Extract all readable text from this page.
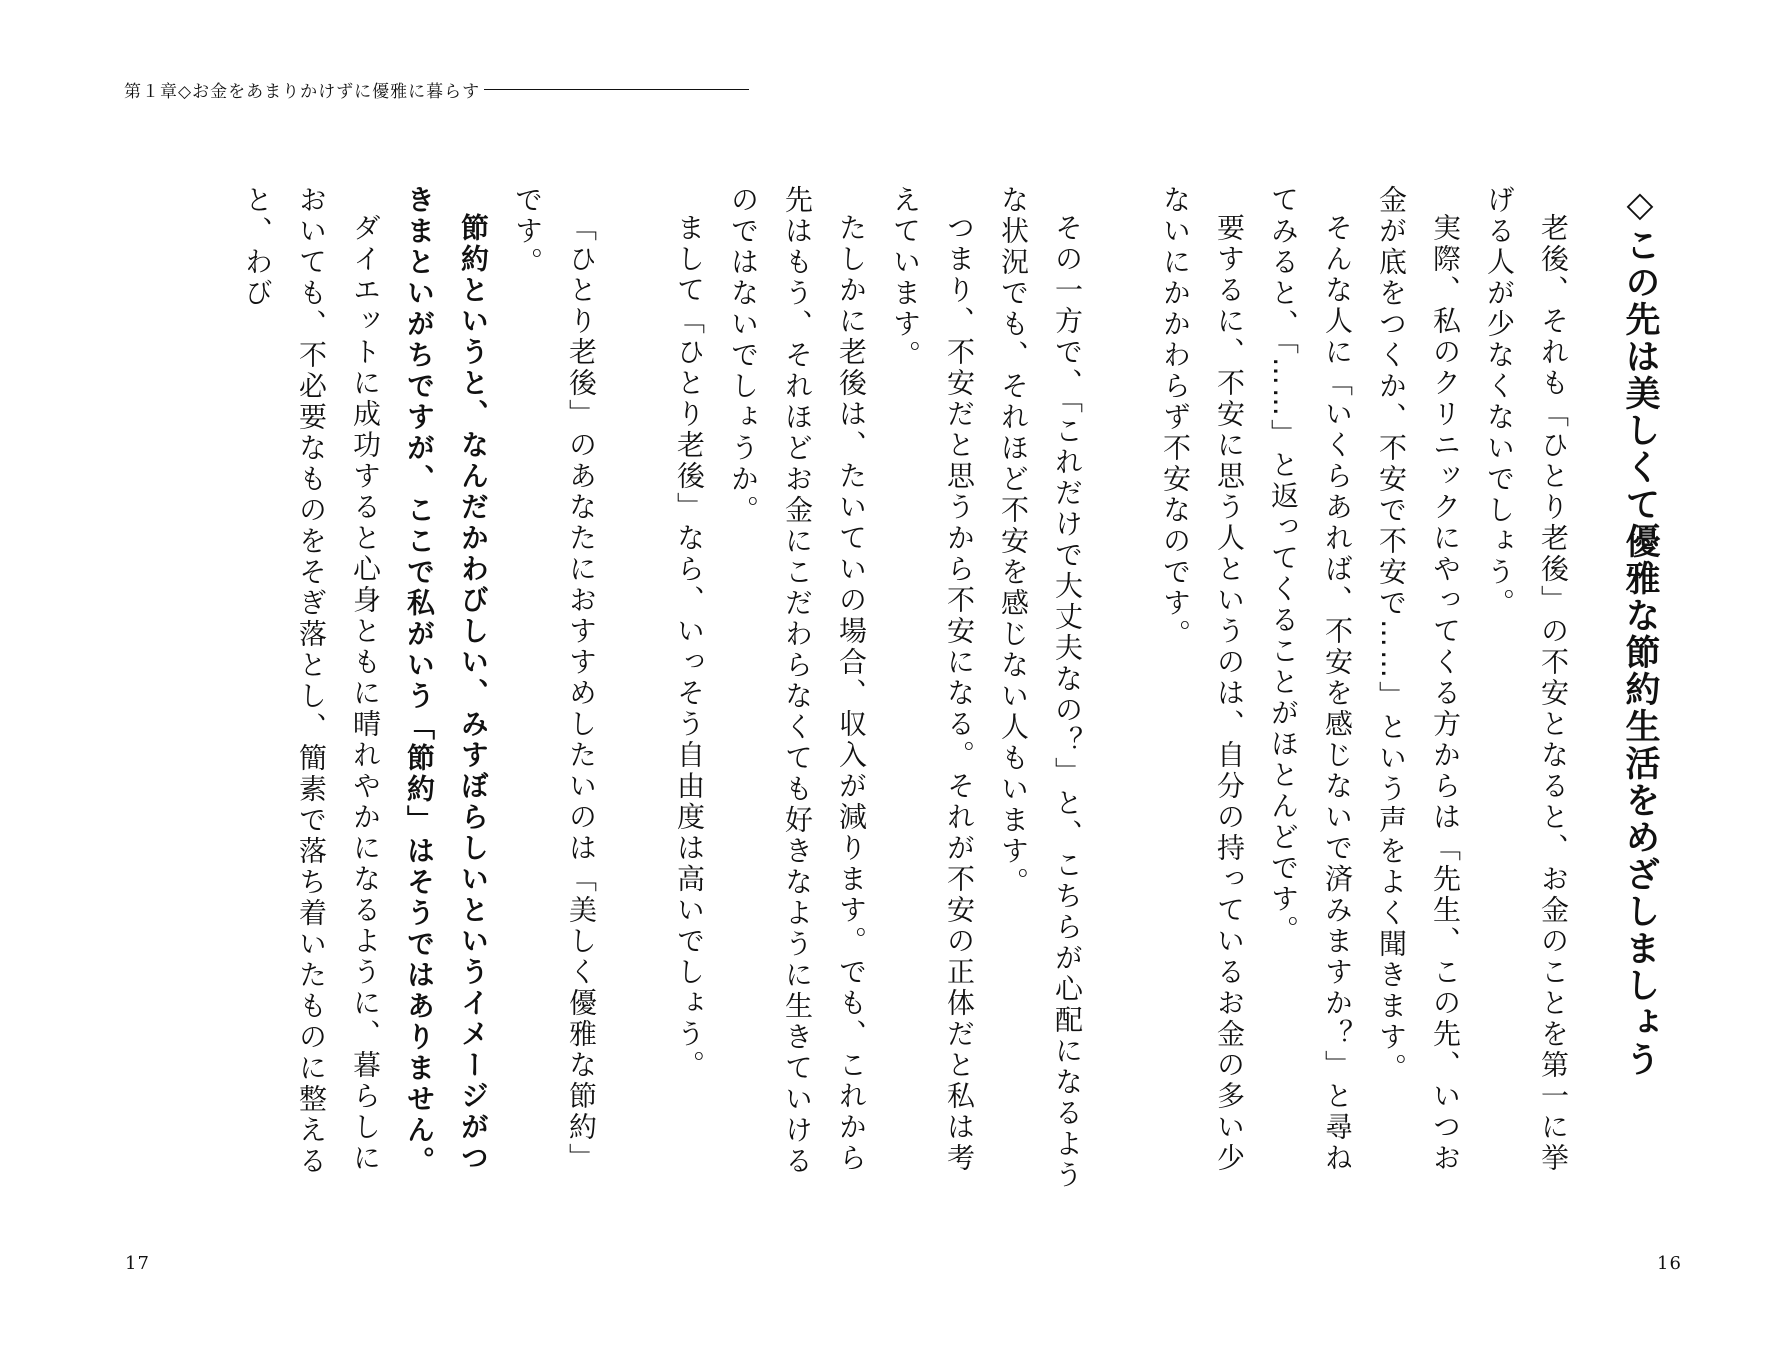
第１章◇お金をあまりかけずに優雅に暮らす
◇この先は美しくて優雅な節約生活をめざしましょう

老後、それも「ひとり老後」の不安となると、お金のことを第一に挙げる人が少なくないでしょう。

実際、私のクリニックにやってくる方からは「先生、この先、いつお金が底をつくか、不安で不安で……」という声をよく聞きます。

そんな人に「いくらあれば、不安を感じないで済みますか？」と尋ねてみると、「……」と返ってくることがほとんどです。

要するに、不安に思う人というのは、自分の持っているお金の多い少ないにかかわらず不安なのです。

その一方で、「これだけで大丈夫なの？」と、こちらが心配になるような状況でも、それほど不安を感じない人もいます。

つまり、不安だと思うから不安になる。それが不安の正体だと私は考えています。

たしかに老後は、たいていの場合、収入が減ります。でも、これから先はもう、それほどお金にこだわらなくても好きなように生きていけるのではないでしょうか。

まして「ひとり老後」なら、いっそう自由度は高いでしょう。

「ひとり老後」のあなたにおすすめしたいのは「美しく優雅な節約」です。

節約というと、なんだかわびしい、みすぼらしいというイメージがつきまといがちですが、ここで私がいう「節約」はそうではありません。

ダイエットに成功すると心身ともに晴れやかになるように、暮らしにおいても、不必要なものをそぎ落とし、簡素で落ち着いたものに整えると、わび

16
17
